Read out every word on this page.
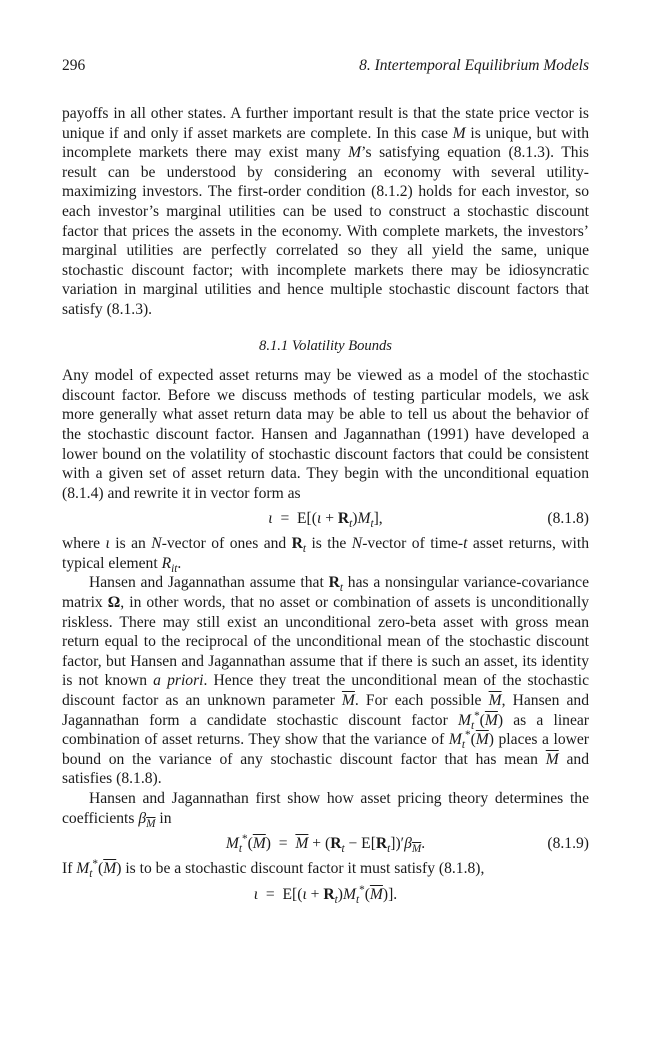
296	8. Intertemporal Equilibrium Models

payoffs in all other states. A further important result is that the state price vector is unique if and only if asset markets are complete. In this case M is unique, but with incomplete markets there may exist many M’s satisfying equation (8.1.3). This result can be understood by considering an economy with several utility-maximizing investors. The first-order condition (8.1.2) holds for each investor, so each investor’s marginal utilities can be used to construct a stochastic discount factor that prices the assets in the economy. With complete markets, the investors’ marginal utilities are perfectly correlated so they all yield the same, unique stochastic discount factor; with incomplete markets there may be idiosyncratic variation in marginal utilities and hence multiple stochastic discount factors that satisfy (8.1.3).

8.1.1 Volatility Bounds

Any model of expected asset returns may be viewed as a model of the stochastic discount factor. Before we discuss methods of testing particular models, we ask more generally what asset return data may be able to tell us about the behavior of the stochastic discount factor. Hansen and Jagannathan (1991) have developed a lower bound on the volatility of stochastic discount factors that could be consistent with a given set of asset return data. They begin with the unconditional equation (8.1.4) and rewrite it in vector form as

$\iota = E[(\iota + R_t)M_t]$,	(8.1.8)

where ι is an N-vector of ones and $R_t$ is the N-vector of time-t asset returns, with typical element $R_{it}$.

Hansen and Jagannathan assume that $R_t$ has a nonsingular variance-covariance matrix Ω, in other words, that no asset or combination of assets is unconditionally riskless. There may still exist an unconditional zero-beta asset with gross mean return equal to the reciprocal of the unconditional mean of the stochastic discount factor, but Hansen and Jagannathan assume that if there is such an asset, its identity is not known a priori. Hence they treat the unconditional mean of the stochastic discount factor as an unknown parameter $\overline{M}$. For each possible $\overline{M}$, Hansen and Jagannathan form a candidate stochastic discount factor $M_t^*(\overline{M})$ as a linear combination of asset returns. They show that the variance of $M_t^*(\overline{M})$ places a lower bound on the variance of any stochastic discount factor that has mean $\overline{M}$ and satisfies (8.1.8).

Hansen and Jagannathan first show how asset pricing theory determines the coefficients $\beta_{\overline{M}}$ in

$M_t^*(\overline{M}) = \overline{M} + (R_t - E[R_t])'\beta_{\overline{M}}$.	(8.1.9)

If $M_t^*(\overline{M})$ is to be a stochastic discount factor it must satisfy (8.1.8),

$\iota = E[(\iota + R_t)M_t^*(\overline{M})]$.
